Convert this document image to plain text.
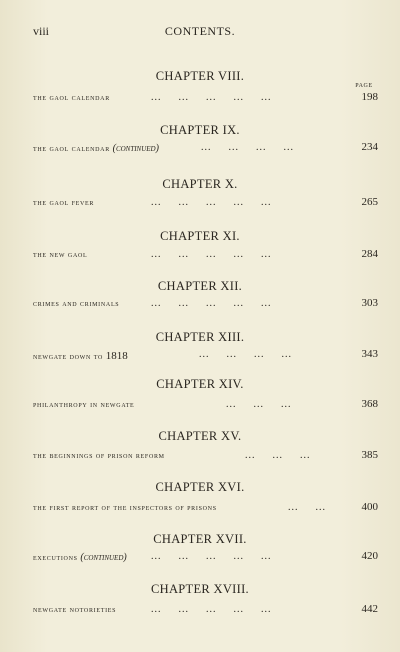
viii	CONTENTS.
PAGE
CHAPTER VIII.
the gaol calendar	...  ...  ...  ...  ...	198
CHAPTER IX.
the gaol calendar (continued)	...  ...  ...  ...	234
CHAPTER X.
the gaol fever	...  ...  ...  ...  ...	265
CHAPTER XI.
the new gaol	...  ...  ...  ...  ...	284
CHAPTER XII.
crimes and criminals	...  ...  ...  ...  ...	303
CHAPTER XIII.
newgate down to 1818	...  ...  ...  ...	343
CHAPTER XIV.
philanthropy in newgate	...  ...  ...	368
CHAPTER XV.
the beginnings of prison reform	...  ...  ...	385
CHAPTER XVI.
the first report of the inspectors of prisons	...  ...	400
CHAPTER XVII.
executions (continued) ...  ...  ...  ...  ...	420
CHAPTER XVIII.
newgate notorieties	...  ...  ...  ...  ...	442
